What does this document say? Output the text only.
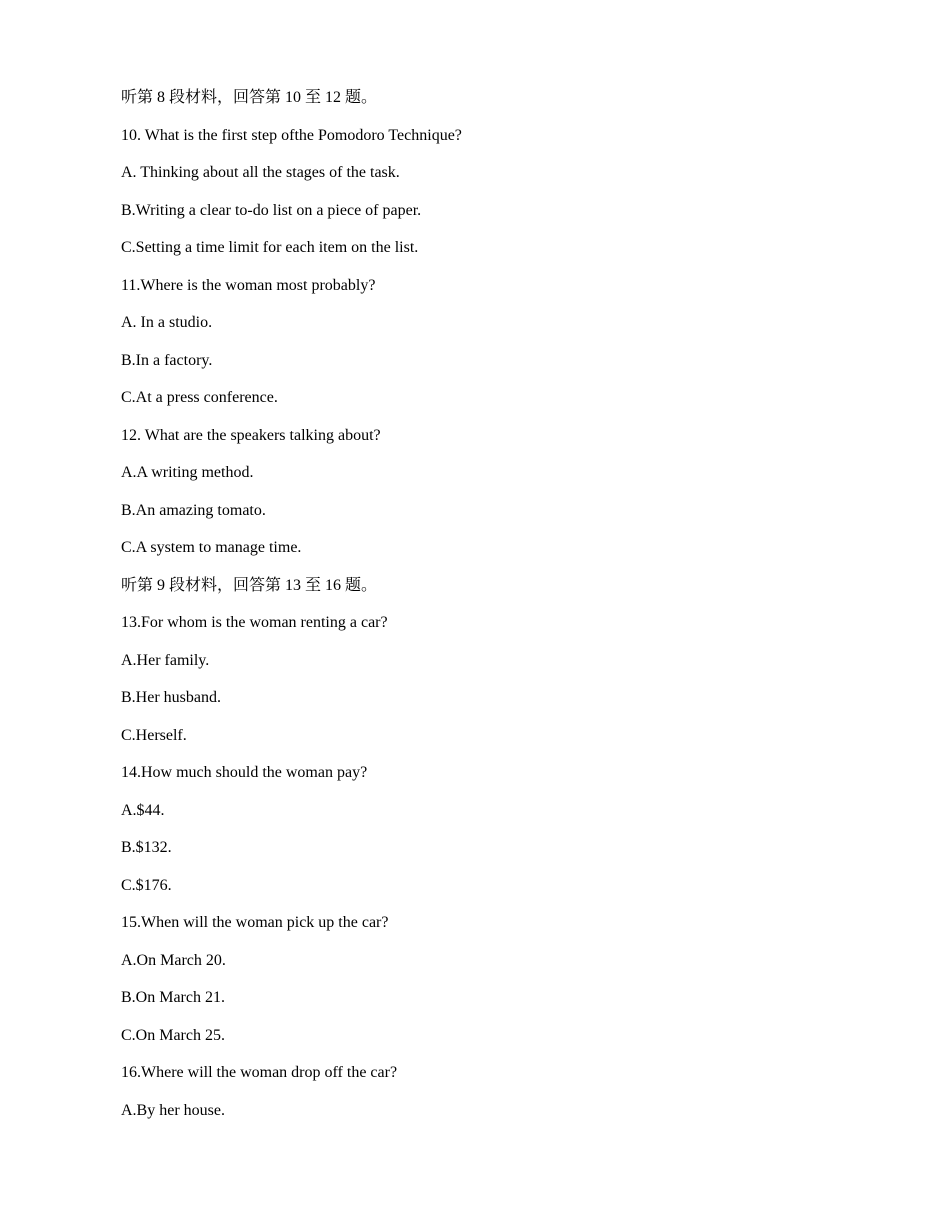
听第 8 段材料，回答第 10 至 12 题。
10. What is the first step ofthe Pomodoro Technique?
A. Thinking about all the stages of the task.
B.Writing a clear to-do list on a piece of paper.
C.Setting a time limit for each item on the list.
11.Where is the woman most probably?
A. In a studio.
B.In a factory.
C.At a press conference.
12. What are the speakers talking about?
A.A writing method.
B.An amazing tomato.
C.A system to manage time.
听第 9 段材料，回答第 13 至 16 题。
13.For whom is the woman renting a car?
A.Her family.
B.Her husband.
C.Herself.
14.How much should the woman pay?
A.$44.
B.$132.
C.$176.
15.When will the woman pick up the car?
A.On March 20.
B.On March 21.
C.On March 25.
16.Where will the woman drop off the car?
A.By her house.
